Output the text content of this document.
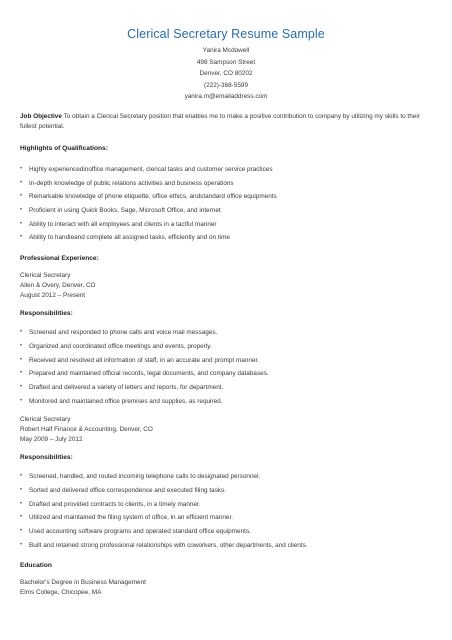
Clerical Secretary Resume Sample
Yanira Mcdowell
498 Sampson Street
Denver, CO 80202
(222)-368-5599
yanira.m@emailaddress.com

Job Objective To obtain a Clerical Secretary position that enables me to make a positive contribution to company by utilizing my skills to their fullest potential.

Highlights of Qualifications:
• Highly experiencedinoffice management, clerical tasks and customer service practices
• In-depth knowledge of public relations activities and business operations
• Remarkable knowledge of phone etiquette, office ethics, andstandard office equipments
• Proficient in using Quick Books, Sage, Microsoft Office, and internet
• Ability to interact with all employees and clients in a tactful manner
• Ability to handleand complete all assigned tasks, efficiently and on time
Professional Experience:
Clerical Secretary
Allen & Overy, Denver, CO
August 2012 – Present
Responsibilities:
• Screened and responded to phone calls and voice mail messages.
• Organized and coordinated office meetings and events, properly.
• Received and resolved all information of staff, in an accurate and prompt manner.
• Prepared and maintained official records, legal documents, and company databases.
• Drafted and delivered a variety of letters and reports, for department.
• Monitored and maintained office premises and supplies, as required.
Clerical Secretary
Robert Half Finance & Accounting, Denver, CO
May 2009 – July 2012
Responsibilities:
• Screened, handled, and routed incoming telephone calls to designated personnel.
• Sorted and delivered office correspondence and executed filing tasks.
• Drafted and provided contracts to clients, in a timely manner.
• Utilized and maintained the filing system of office, in an efficient manner.
• Used accounting software programs and operated standard office equipments.
• Built and retained strong professional relationships with coworkers, other departments, and clients.
Education
Bachelor's Degree in Business Management
Elms College, Chicopee, MA
